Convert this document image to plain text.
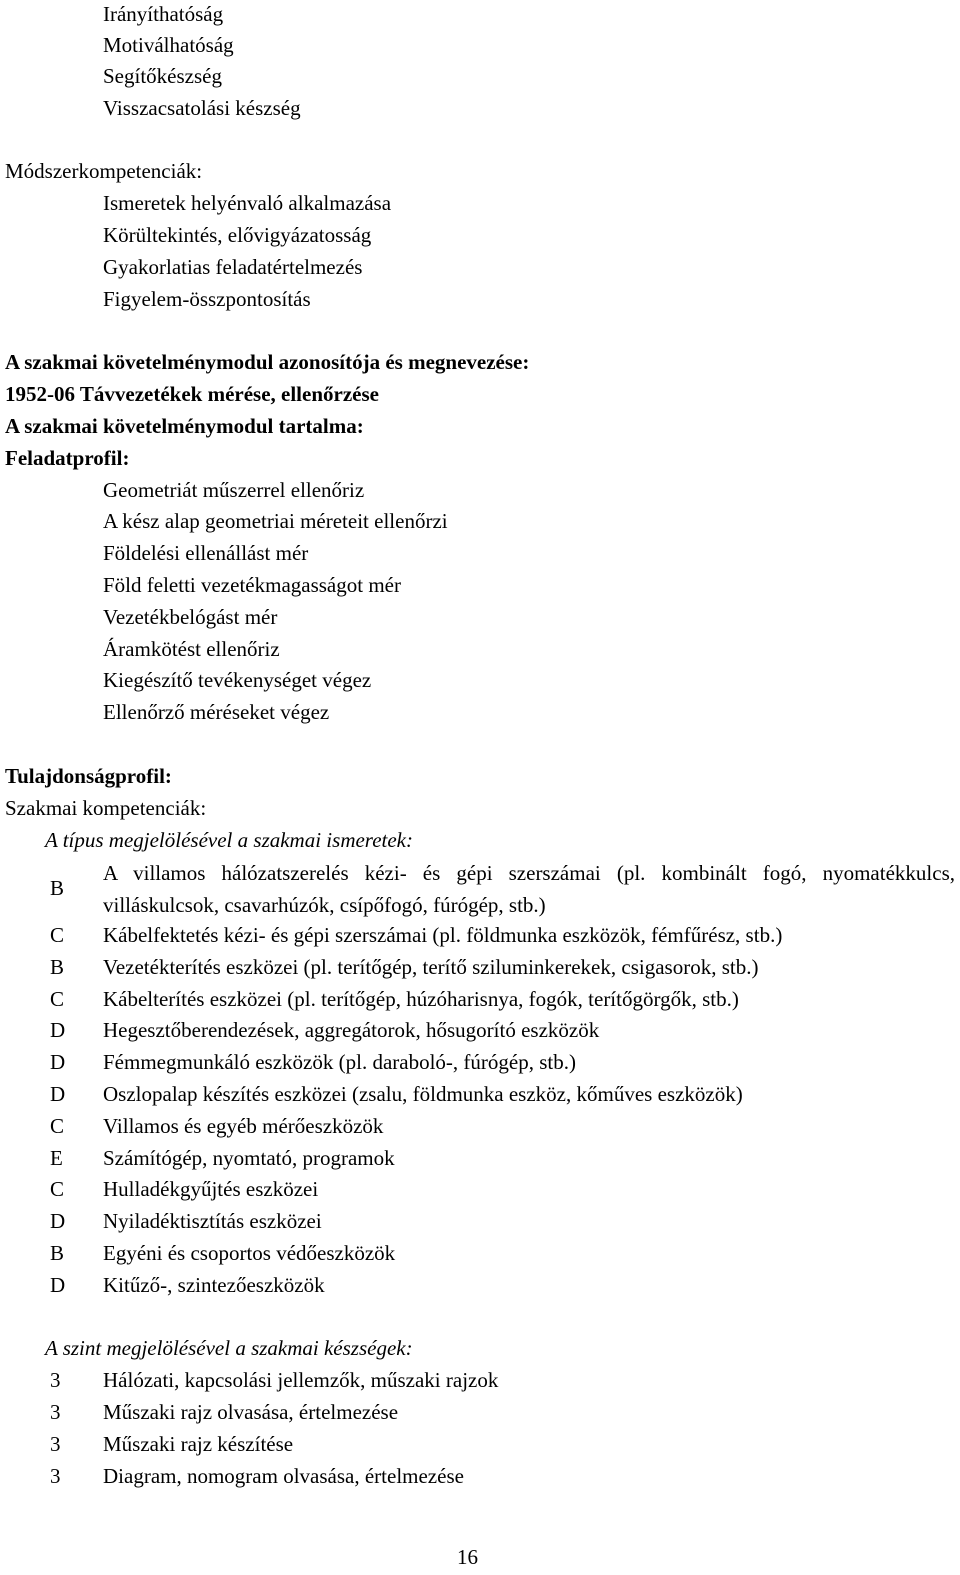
Irányíthatóság
Motiválhatóság
Segítőkészség
Visszacsatolási készség
Módszerkompetenciák:
Ismeretek helyénvaló alkalmazása
Körültekintés, elővigyázatosság
Gyakorlatias feladatértelmezés
Figyelem-összpontosítás
A szakmai követelménymodul azonosítója és megnevezése:
1952-06 Távvezetékek mérése, ellenőrzése
A szakmai követelménymodul tartalma:
Feladatprofil:
Geometriát műszerrel ellenőriz
A kész alap geometriai méreteit ellenőrzi
Földelési ellenállást mér
Föld feletti vezetékmagasságot mér
Vezetékbelógást mér
Áramkötést ellenőriz
Kiegészítő tevékenységet végez
Ellenőrző méréseket végez
Tulajdonságprofil:
Szakmai kompetenciák:
A típus megjelölésével a szakmai ismeretek:
B
A villamos hálózatszerelés kézi- és gépi szerszámai (pl. kombinált fogó, nyomatékkulcs, villáskulcsok, csavarhúzók, csípőfogó, fúrógép, stb.)
C Kábelfektetés kézi- és gépi szerszámai (pl. földmunka eszközök, fémfűrész, stb.)
B Vezetékterítés eszközei (pl. terítőgép, terítő sziluminkerekek, csigasorok, stb.)
C Kábelterítés eszközei (pl. terítőgép, húzóharisnya, fogók, terítőgörgők, stb.)
D Hegesztőberendezések, aggregátorok, hősugorító eszközök
D Fémmegmunkáló eszközök (pl. daraboló-, fúrógép, stb.)
D Oszlopalap készítés eszközei (zsalu, földmunka eszköz, kőműves eszközök)
C Villamos és egyéb mérőeszközök
E Számítógép, nyomtató, programok
C Hulladékgyűjtés eszközei
D Nyiladéktisztítás eszközei
B Egyéni és csoportos védőeszközök
D Kitűző-, szintezőeszközök
A szint megjelölésével a szakmai készségek:
3 Hálózati, kapcsolási jellemzők, műszaki rajzok
3 Műszaki rajz olvasása, értelmezése
3 Műszaki rajz készítése
3 Diagram, nomogram olvasása, értelmezése
16
